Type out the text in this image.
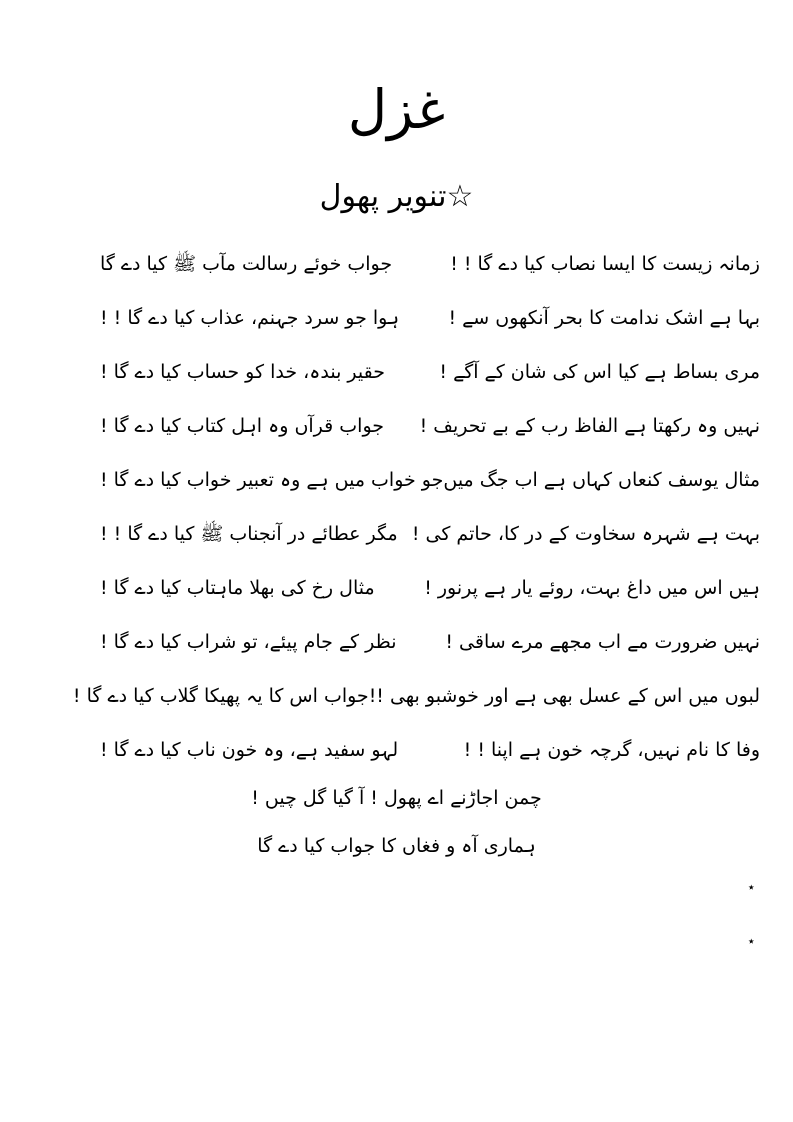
غزل
☆تنویر پھول
زمانہ زیست کا ایسا نصاب کیا دے گا ! !
جواب خوئے رسالت مآب ﷺ کیا دے گا
بہا ہے اشک ندامت کا بحر آنکھوں سے !
ہوا جو سرد جہنم، عذاب کیا دے گا ! !
مری بساط ہے کیا اس کی شان کے آگے !
حقیر بندہ، خدا کو حساب کیا دے گا !
نہیں وہ رکھتا ہے الفاظ رب کے بے تحریف !
جواب قرآں وہ اہل کتاب کیا دے گا !
مثال یوسف کنعاں کہاں ہے اب جگ میں
جو خواب میں ہے وہ تعبیر خواب کیا دے گا !
بہت ہے شہرہ سخاوت کے در کا، حاتم کی !
مگر عطائے در آنجناب ﷺ کیا دے گا ! !
ہیں اس میں داغ بہت، روئے یار ہے پرنور !
مثال رخ کی بھلا ماہتاب کیا دے گا !
نہیں ضرورت مے اب مجھے مرے ساقی !
نظر کے جام پیئے، تو شراب کیا دے گا !
لبوں میں اس کے عسل بھی ہے اور خوشبو بھی !!
جواب اس کا یہ پھیکا گلاب کیا دے گا !
وفا کا نام نہیں، گرچہ خون ہے اپنا ! !
لہو سفید ہے، وہ خون ناب کیا دے گا !
چمن اجاڑنے اے پھول ! آ گیا گل چیں !
ہماری آہ و فغاں کا جواب کیا دے گا
٭
٭
